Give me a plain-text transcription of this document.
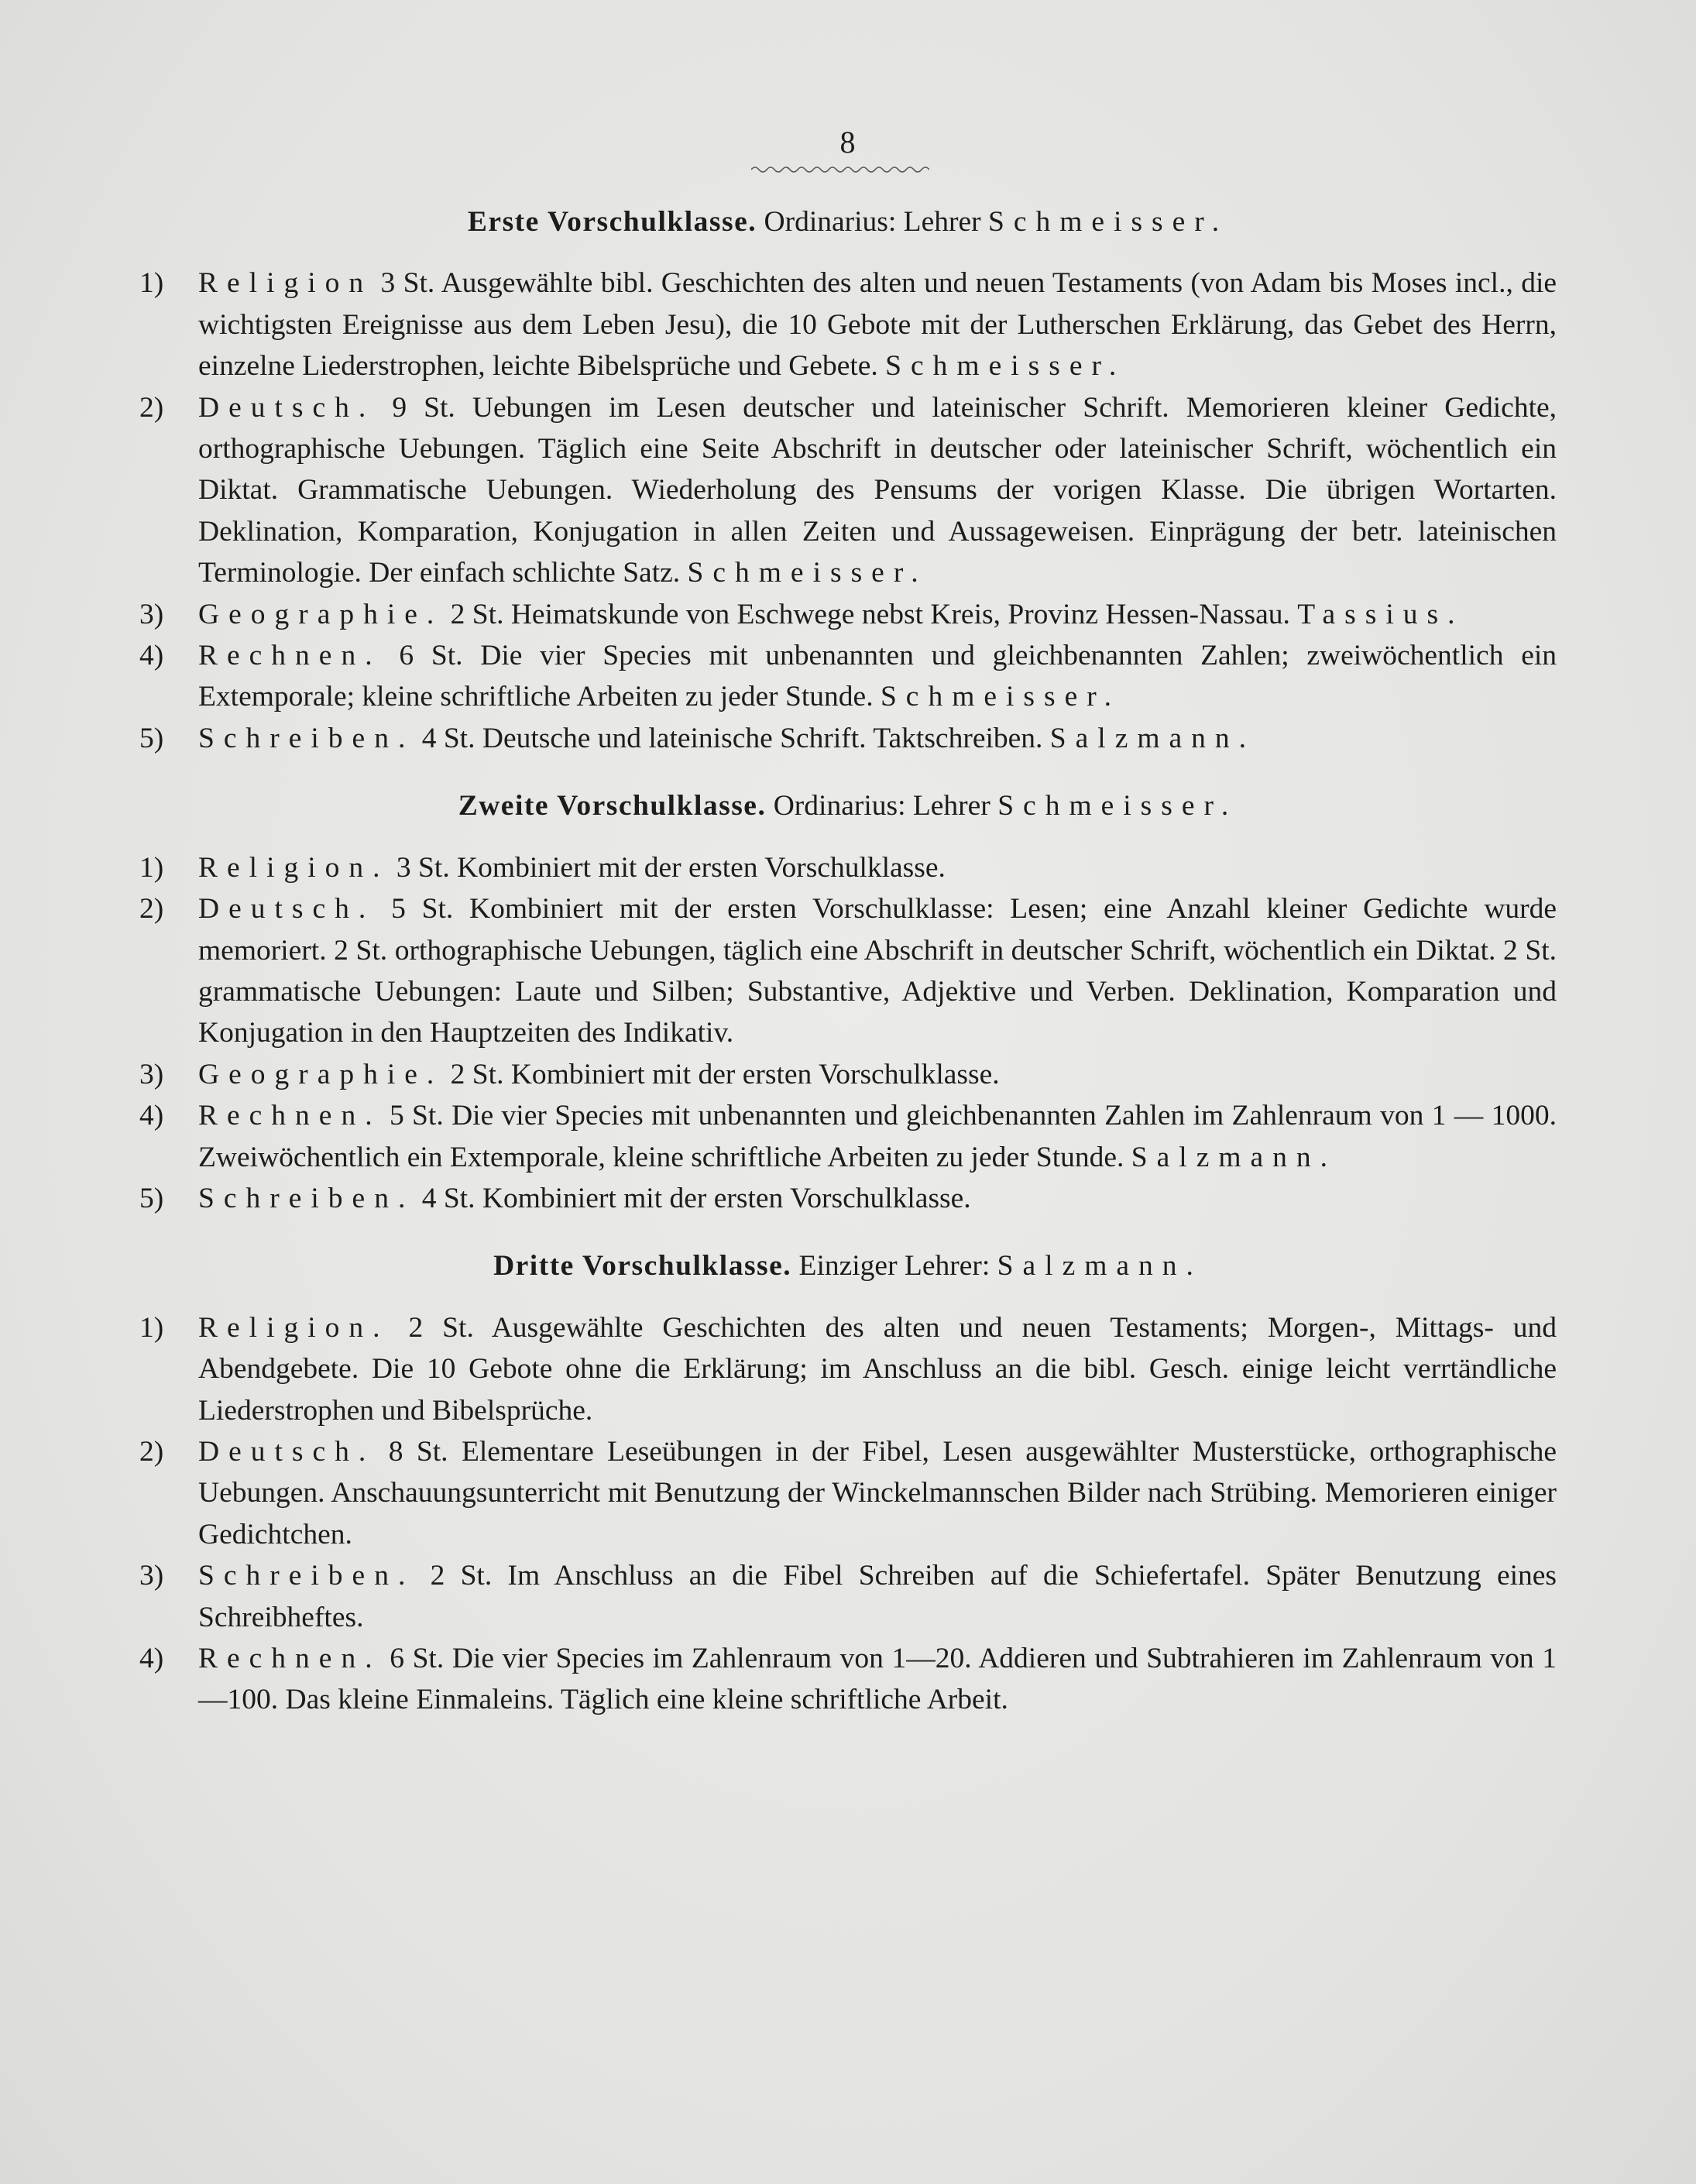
8

Erste Vorschulklasse. Ordinarius: Lehrer Schmeisser.

1) Religion 3 St. Ausgewählte bibl. Geschichten des alten und neuen Testaments (von Adam bis Moses incl., die wichtigsten Ereignisse aus dem Leben Jesu), die 10 Gebote mit der Lutherschen Erklärung, das Gebet des Herrn, einzelne Liederstrophen, leichte Bibelsprüche und Gebete. Schmeisser.
2) Deutsch. 9 St. Uebungen im Lesen deutscher und lateinischer Schrift. Memorieren kleiner Gedichte, orthographische Uebungen. Täglich eine Seite Abschrift in deutscher oder lateinischer Schrift, wöchentlich ein Diktat. Grammatische Uebungen. Wiederholung des Pensums der vorigen Klasse. Die übrigen Wortarten. Deklination, Komparation, Konjugation in allen Zeiten und Aussageweisen. Einprägung der betr. lateinischen Terminologie. Der einfach schlichte Satz. Schmeisser.
3) Geographie. 2 St. Heimatskunde von Eschwege nebst Kreis, Provinz Hessen-Nassau. Tassius.
4) Rechnen. 6 St. Die vier Species mit unbenannten und gleichbenannten Zahlen; zweiwöchentlich ein Extemporale; kleine schriftliche Arbeiten zu jeder Stunde. Schmeisser.
5) Schreiben. 4 St. Deutsche und lateinische Schrift. Taktschreiben. Salzmann.

Zweite Vorschulklasse. Ordinarius: Lehrer Schmeisser.

1) Religion. 3 St. Kombiniert mit der ersten Vorschulklasse.
2) Deutsch. 5 St. Kombiniert mit der ersten Vorschulklasse: Lesen; eine Anzahl kleiner Gedichte wurde memoriert. 2 St. orthographische Uebungen, täglich eine Abschrift in deutscher Schrift, wöchentlich ein Diktat. 2 St. grammatische Uebungen: Laute und Silben; Substantive, Adjektive und Verben. Deklination, Komparation und Konjugation in den Hauptzeiten des Indikativ.
3) Geographie. 2 St. Kombiniert mit der ersten Vorschulklasse.
4) Rechnen. 5 St. Die vier Species mit unbenannten und gleichbenannten Zahlen im Zahlenraum von 1 — 1000. Zweiwöchentlich ein Extemporale, kleine schriftliche Arbeiten zu jeder Stunde. Salzmann.
5) Schreiben. 4 St. Kombiniert mit der ersten Vorschulklasse.

Dritte Vorschulklasse. Einziger Lehrer: Salzmann.

1) Religion. 2 St. Ausgewählte Geschichten des alten und neuen Testaments; Morgen-, Mittags- und Abendgebete. Die 10 Gebote ohne die Erklärung; im Anschluss an die bibl. Gesch. einige leicht verrtändliche Liederstrophen und Bibelsprüche.
2) Deutsch. 8 St. Elementare Leseübungen in der Fibel, Lesen ausgewählter Musterstücke, orthographische Uebungen. Anschauungsunterricht mit Benutzung der Winckelmannschen Bilder nach Strübing. Memorieren einiger Gedichtchen.
3) Schreiben. 2 St. Im Anschluss an die Fibel Schreiben auf die Schiefertafel. Später Benutzung eines Schreibheftes.
4) Rechnen. 6 St. Die vier Species im Zahlenraum von 1—20. Addieren und Subtrahieren im Zahlenraum von 1—100. Das kleine Einmaleins. Täglich eine kleine schriftliche Arbeit.
